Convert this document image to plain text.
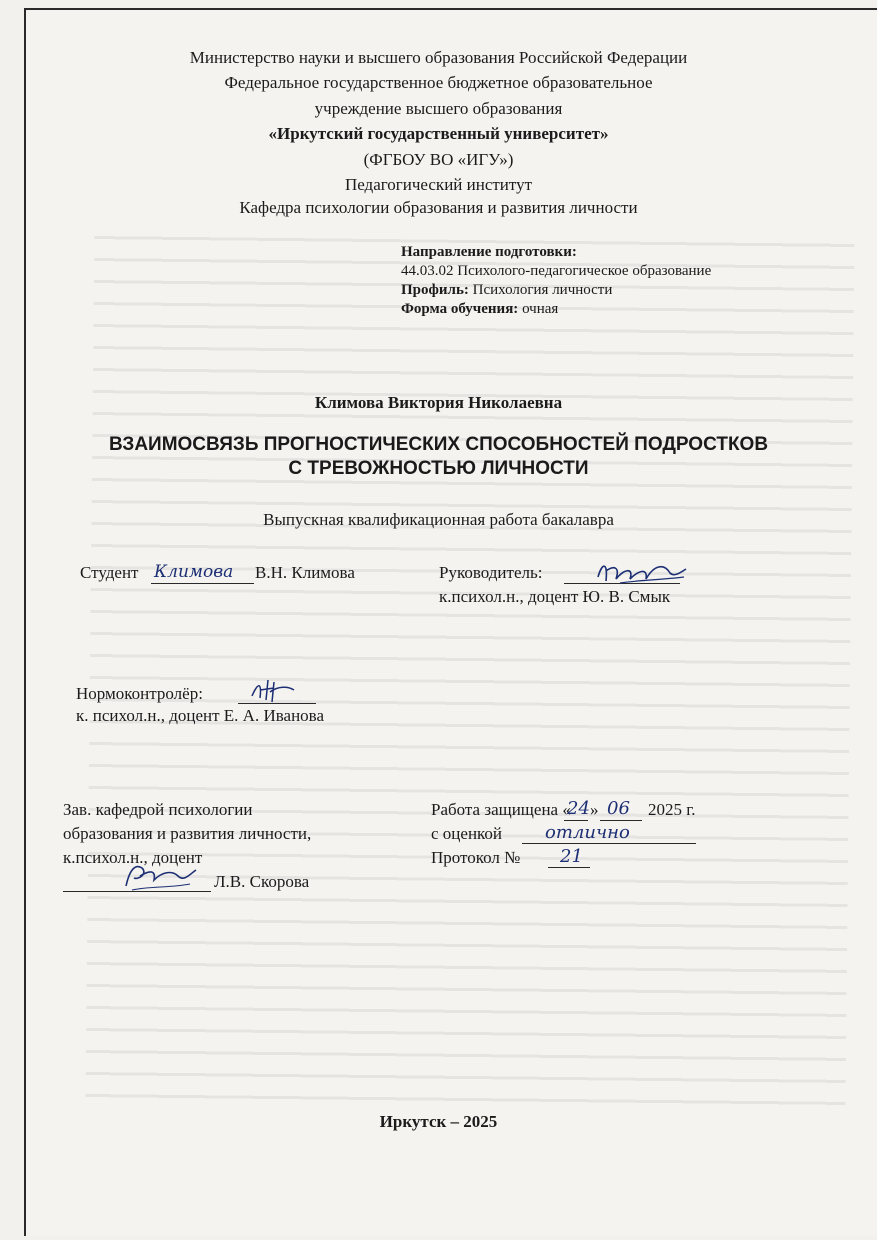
Министерство науки и высшего образования Российской Федерации
Федеральное государственное бюджетное образовательное
учреждение высшего образования
«Иркутский государственный университет»
(ФГБОУ ВО «ИГУ»)
Педагогический институт
Кафедра психологии образования и развития личности
Направление подготовки:
44.03.02 Психолого-педагогическое образование
Профиль: Психология личности
Форма обучения: очная
Климова Виктория Николаевна
ВЗАИМОСВЯЗЬ ПРОГНОСТИЧЕСКИХ СПОСОБНОСТЕЙ ПОДРОСТКОВ
С ТРЕВОЖНОСТЬЮ ЛИЧНОСТИ
Выпускная квалификационная работа бакалавра
Студент Климова В.Н. Климова	Руководитель:
к.психол.н., доцент Ю. В. Смык
Нормоконтролёр:
к. психол.н., доцент Е. А. Иванова
Зав. кафедрой психологии
образования и развития личности,
к.психол.н., доцент
Л.В. Скорова
Работа защищена «
24 » 06 2025 г.
с оценкой отлично
Протокол № 21
Иркутск – 2025
